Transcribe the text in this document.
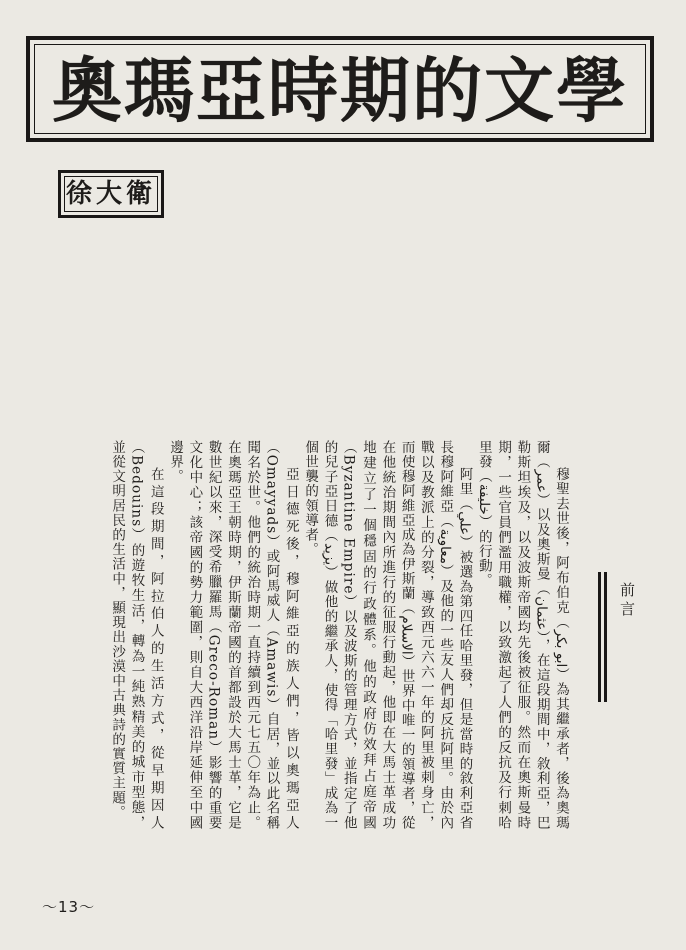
奧瑪亞時期的文學
徐大衛
前言

穆聖去世後，阿布伯克（ابو بكر）為其繼承者，後為奧瑪爾（عمر）以及奧斯曼（عثمان），在這段期間中，敘利亞，巴勒斯坦埃及，以及波斯帝國均先後被征服。然而在奧斯曼時期，一些官員們濫用職權，以致激起了人們的反抗及行刺哈里發（خليفة）的行動。

阿里（علي）被選為第四任哈里發，但是當時的敘利亞省長穆阿維亞（معاوية）及他的一些友人們却反抗阿里。由於內戰以及教派上的分裂，導致西元六六一年的阿里被刺身亡，而使穆阿維亞成為伊斯蘭（الاسلام）世界中唯一的領導者，從在他統治期間內所進行的征服行動起，他即在大馬士革成功地建立了一個穩固的行政體系。他的政府仿效拜占庭帝國（Byzantine Empire）以及波斯的管理方式，並指定了他的兒子亞日德（يزيد）做他的繼承人，使得「哈里發」成為一個世襲的領導者。

亞日德死後，穆阿維亞的族人們，皆以奧瑪亞人（Omayyads）或阿馬威人（Amawis）自居，並以此名稱聞名於世。他們的統治時期一直持續到西元七五〇年為止。在奧瑪亞王朝時期，伊斯蘭帝國的首都設於大馬士革，它是數世紀以來，深受希臘羅馬（Greco-Roman）影響的重要文化中心；該帝國的勢力範圍，則自大西洋沿岸延伸至中國邊界。

在這段期間，阿拉伯人的生活方式，從早期因人（Bedouins）的遊牧生活，轉為一純熟精美的城市型態，並從文明居民的生活中，顯現出沙漠中古典詩的實質主題。

～13～
